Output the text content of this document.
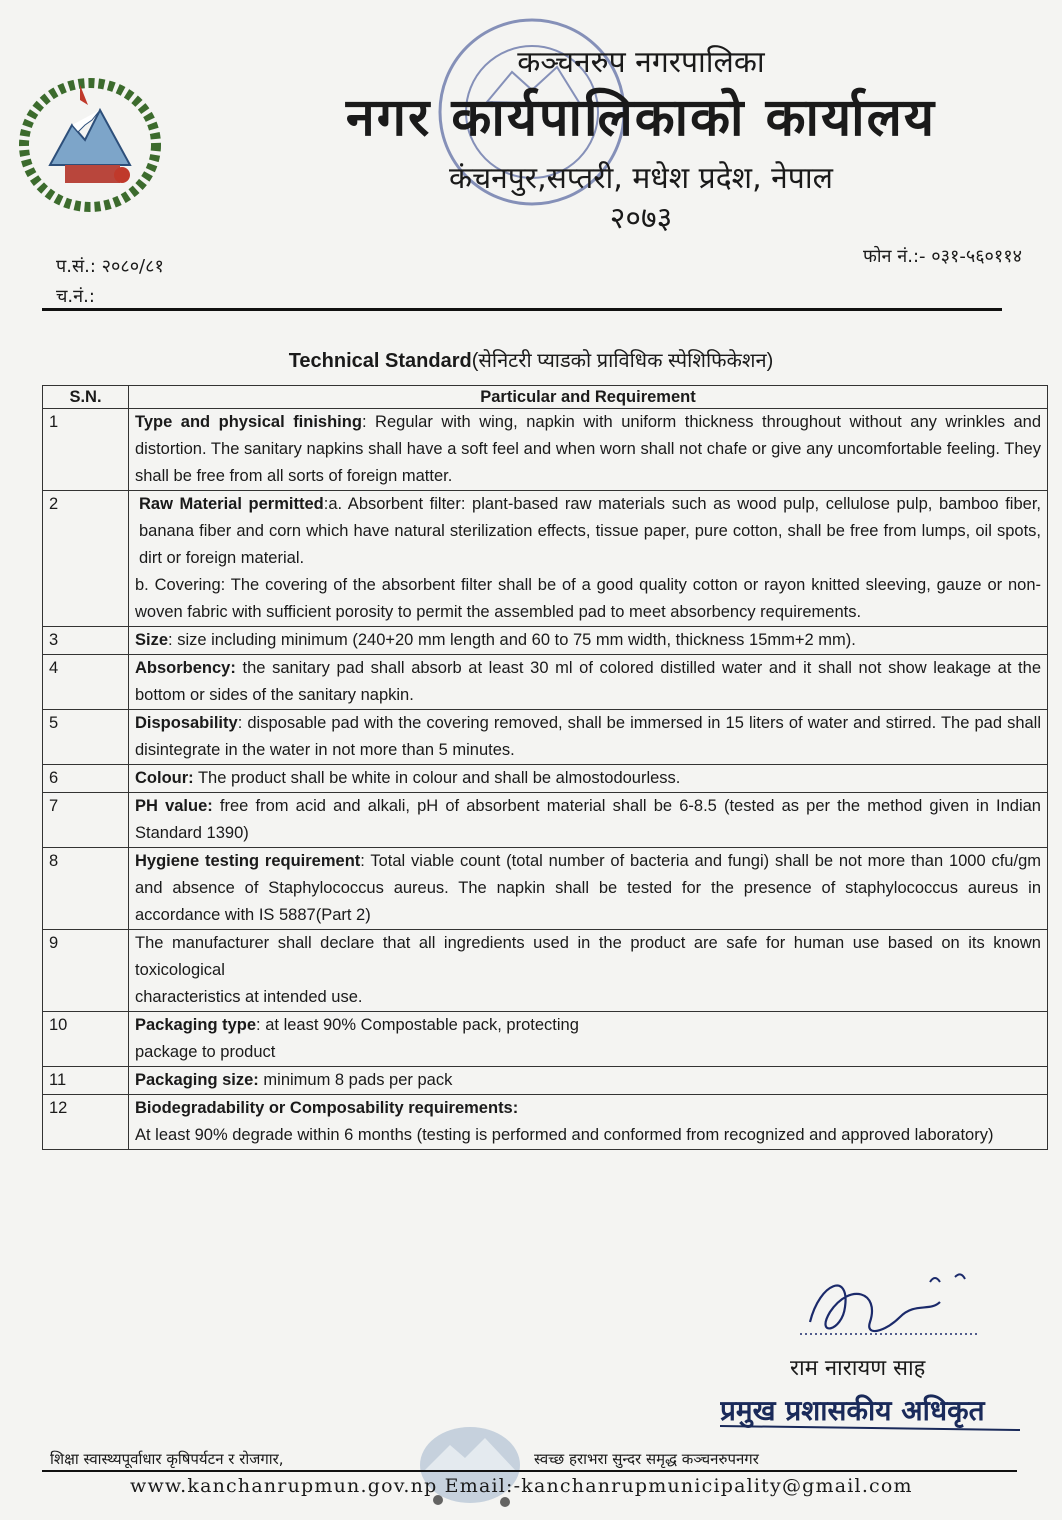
कञ्चनरुप नगरपालिका
नगर कार्यपालिकाको कार्यालय
कंचनपुर,सप्तरी, मधेश प्रदेश, नेपाल
२०७३
प.सं.: २०८०/८१
च.नं.:
फोन नं.:- ०३१-५६०११४
Technical Standard(सेनिटरी प्याडको प्राविधिक स्पेशिफिकेशन)
S.N.	Particular and Requirement
1	Type and physical finishing: Regular with wing, napkin with uniform thickness throughout without any wrinkles and distortion. The sanitary napkins shall have a soft feel and when worn shall not chafe or give any uncomfortable feeling. They shall be free from all sorts of foreign matter.

2	Raw Material permitted:a. Absorbent filter: plant-based raw materials such as wood pulp, cellulose pulp, bamboo fiber, banana fiber and corn which have natural sterilization effects, tissue paper, pure cotton, shall be free from lumps, oil spots, dirt or foreign material.
b. Covering: The covering of the absorbent filter shall be of a good quality cotton or rayon knitted sleeving, gauze or non-woven fabric with sufficient porosity to permit the assembled pad to meet absorbency requirements.

3	Size: size including minimum (240+20 mm length and 60 to 75 mm width, thickness 15mm+2 mm).

4	Absorbency: the sanitary pad shall absorb at least 30 ml of colored distilled water and it shall not show leakage at the bottom or sides of the sanitary napkin.

5	Disposability: disposable pad with the covering removed, shall be immersed in 15 liters of water and stirred. The pad shall disintegrate in the water in not more than 5 minutes.

6	Colour: The product shall be white in colour and shall be almostodourless.

7	PH value: free from acid and alkali, pH of absorbent material shall be 6-8.5 (tested as per the method given in Indian Standard 1390)

8	Hygiene testing requirement: Total viable count (total number of bacteria and fungi) shall be not more than 1000 cfu/gm and absence of Staphylococcus aureus. The napkin shall be tested for the presence of staphylococcus aureus in accordance with IS 5887(Part 2)

9	The manufacturer shall declare that all ingredients used in the product are safe for human use based on its known toxicological
characteristics at intended use.

10	Packaging type: at least 90% Compostable pack, protecting
package to product

11	Packaging size: minimum 8 pads per pack

12	Biodegradability or Composability requirements:
At least 90% degrade within 6 months (testing is performed and conformed from recognized and approved laboratory)
राम नारायण साह
प्रमुख प्रशासकीय अधिकृत
शिक्षा स्वास्थ्यपूर्वाधार कृषिपर्यटन र रोजगार,	स्वच्छ हराभरा सुन्दर समृद्ध कञ्चनरुपनगर
www.kanchanrupmun.gov.np Email:-kanchanrupmunicipality@gmail.com
